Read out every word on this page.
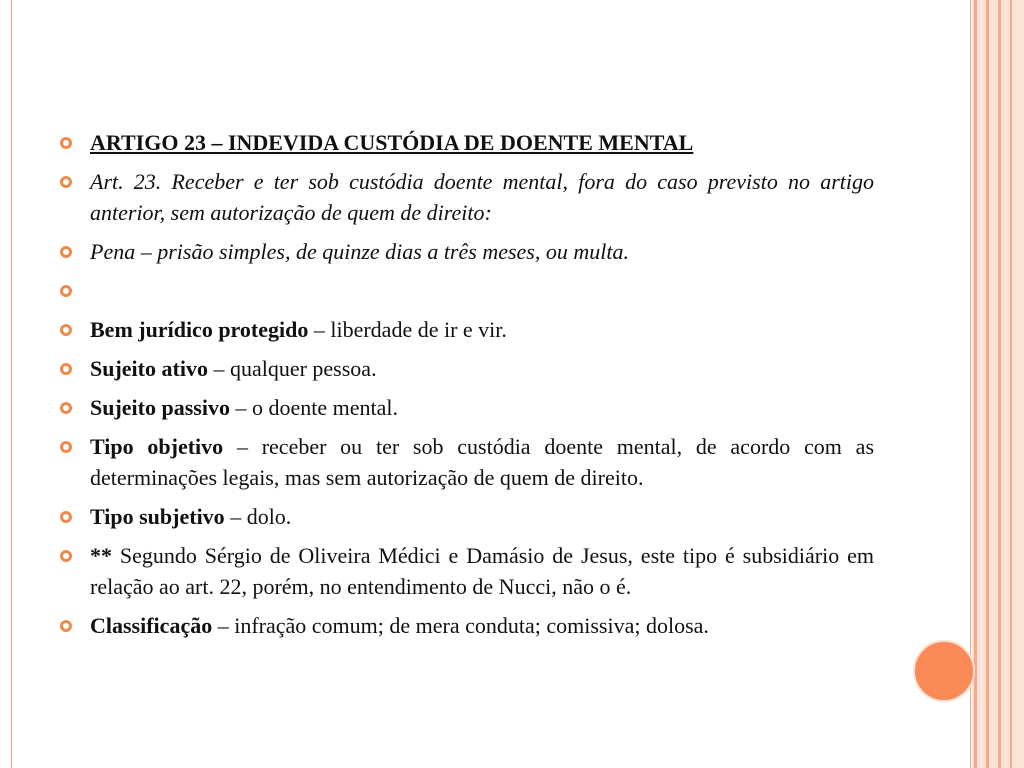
ARTIGO 23 – INDEVIDA CUSTÓDIA DE DOENTE MENTAL
Art. 23. Receber e ter sob custódia doente mental, fora do caso previsto no artigo anterior, sem autorização de quem de direito:
Pena – prisão simples, de quinze dias a três meses, ou multa.
Bem jurídico protegido – liberdade de ir e vir.
Sujeito ativo – qualquer pessoa.
Sujeito passivo – o doente mental.
Tipo objetivo – receber ou ter sob custódia doente mental, de acordo com as determinações legais, mas sem autorização de quem de direito.
Tipo subjetivo – dolo.
** Segundo Sérgio de Oliveira Médici e Damásio de Jesus, este tipo é subsidiário em relação ao art. 22, porém, no entendimento de Nucci, não o é.
Classificação – infração comum; de mera conduta; comissiva; dolosa.
